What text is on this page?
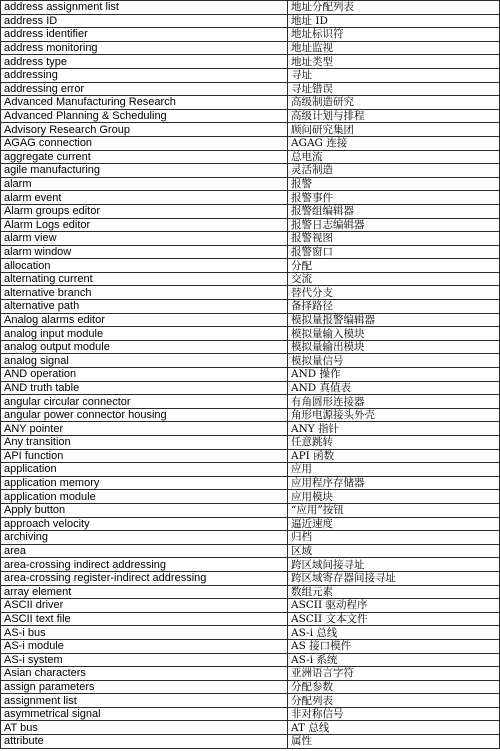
address assignment list	地址分配列表
address ID	地址 ID
address identifier	地址标识符
address monitoring	地址监视
address type	地址类型
addressing	寻址
addressing error	寻址错误
Advanced Manufacturing Research	高级制造研究
Advanced Planning & Scheduling	高级计划与排程
Advisory Research Group	顾问研究集团
AGAG connection	AGAG 连接
aggregate current	总电流
agile manufacturing	灵活制造
alarm	报警
alarm event	报警事件
Alarm groups editor	报警组编辑器
Alarm Logs editor	报警日志编辑器
alarm view	报警视图
alarm window	报警窗口
allocation	分配
alternating current	交流
alternative branch	替代分支
alternative path	备择路径
Analog alarms editor	模拟量报警编辑器
analog input module	模拟量输入模块
analog output module	模拟量输出模块
analog signal	模拟量信号
AND operation	AND 操作
AND truth table	AND 真值表
angular circular connector	有角圆形连接器
angular power connector housing	角形电源接头外壳
ANY pointer	ANY 指针
Any transition	任意跳转
API function	API 函数
application	应用
application memory	应用程序存储器
application module	应用模块
Apply button	“应用”按钮
approach velocity	逼近速度
archiving	归档
area	区域
area-crossing indirect addressing	跨区域间接寻址
area-crossing register-indirect addressing	跨区域寄存器间接寻址
array element	数组元素
ASCII driver	ASCII 驱动程序
ASCII text file	ASCII 文本文件
AS-i bus	AS-i 总线
AS-i module	AS 接口模件
AS-i system	AS-i 系统
Asian characters	亚洲语言字符
assign parameters	分配参数
assignment list	分配列表
asymmetrical signal	非对称信号
AT bus	AT 总线
attribute	属性
